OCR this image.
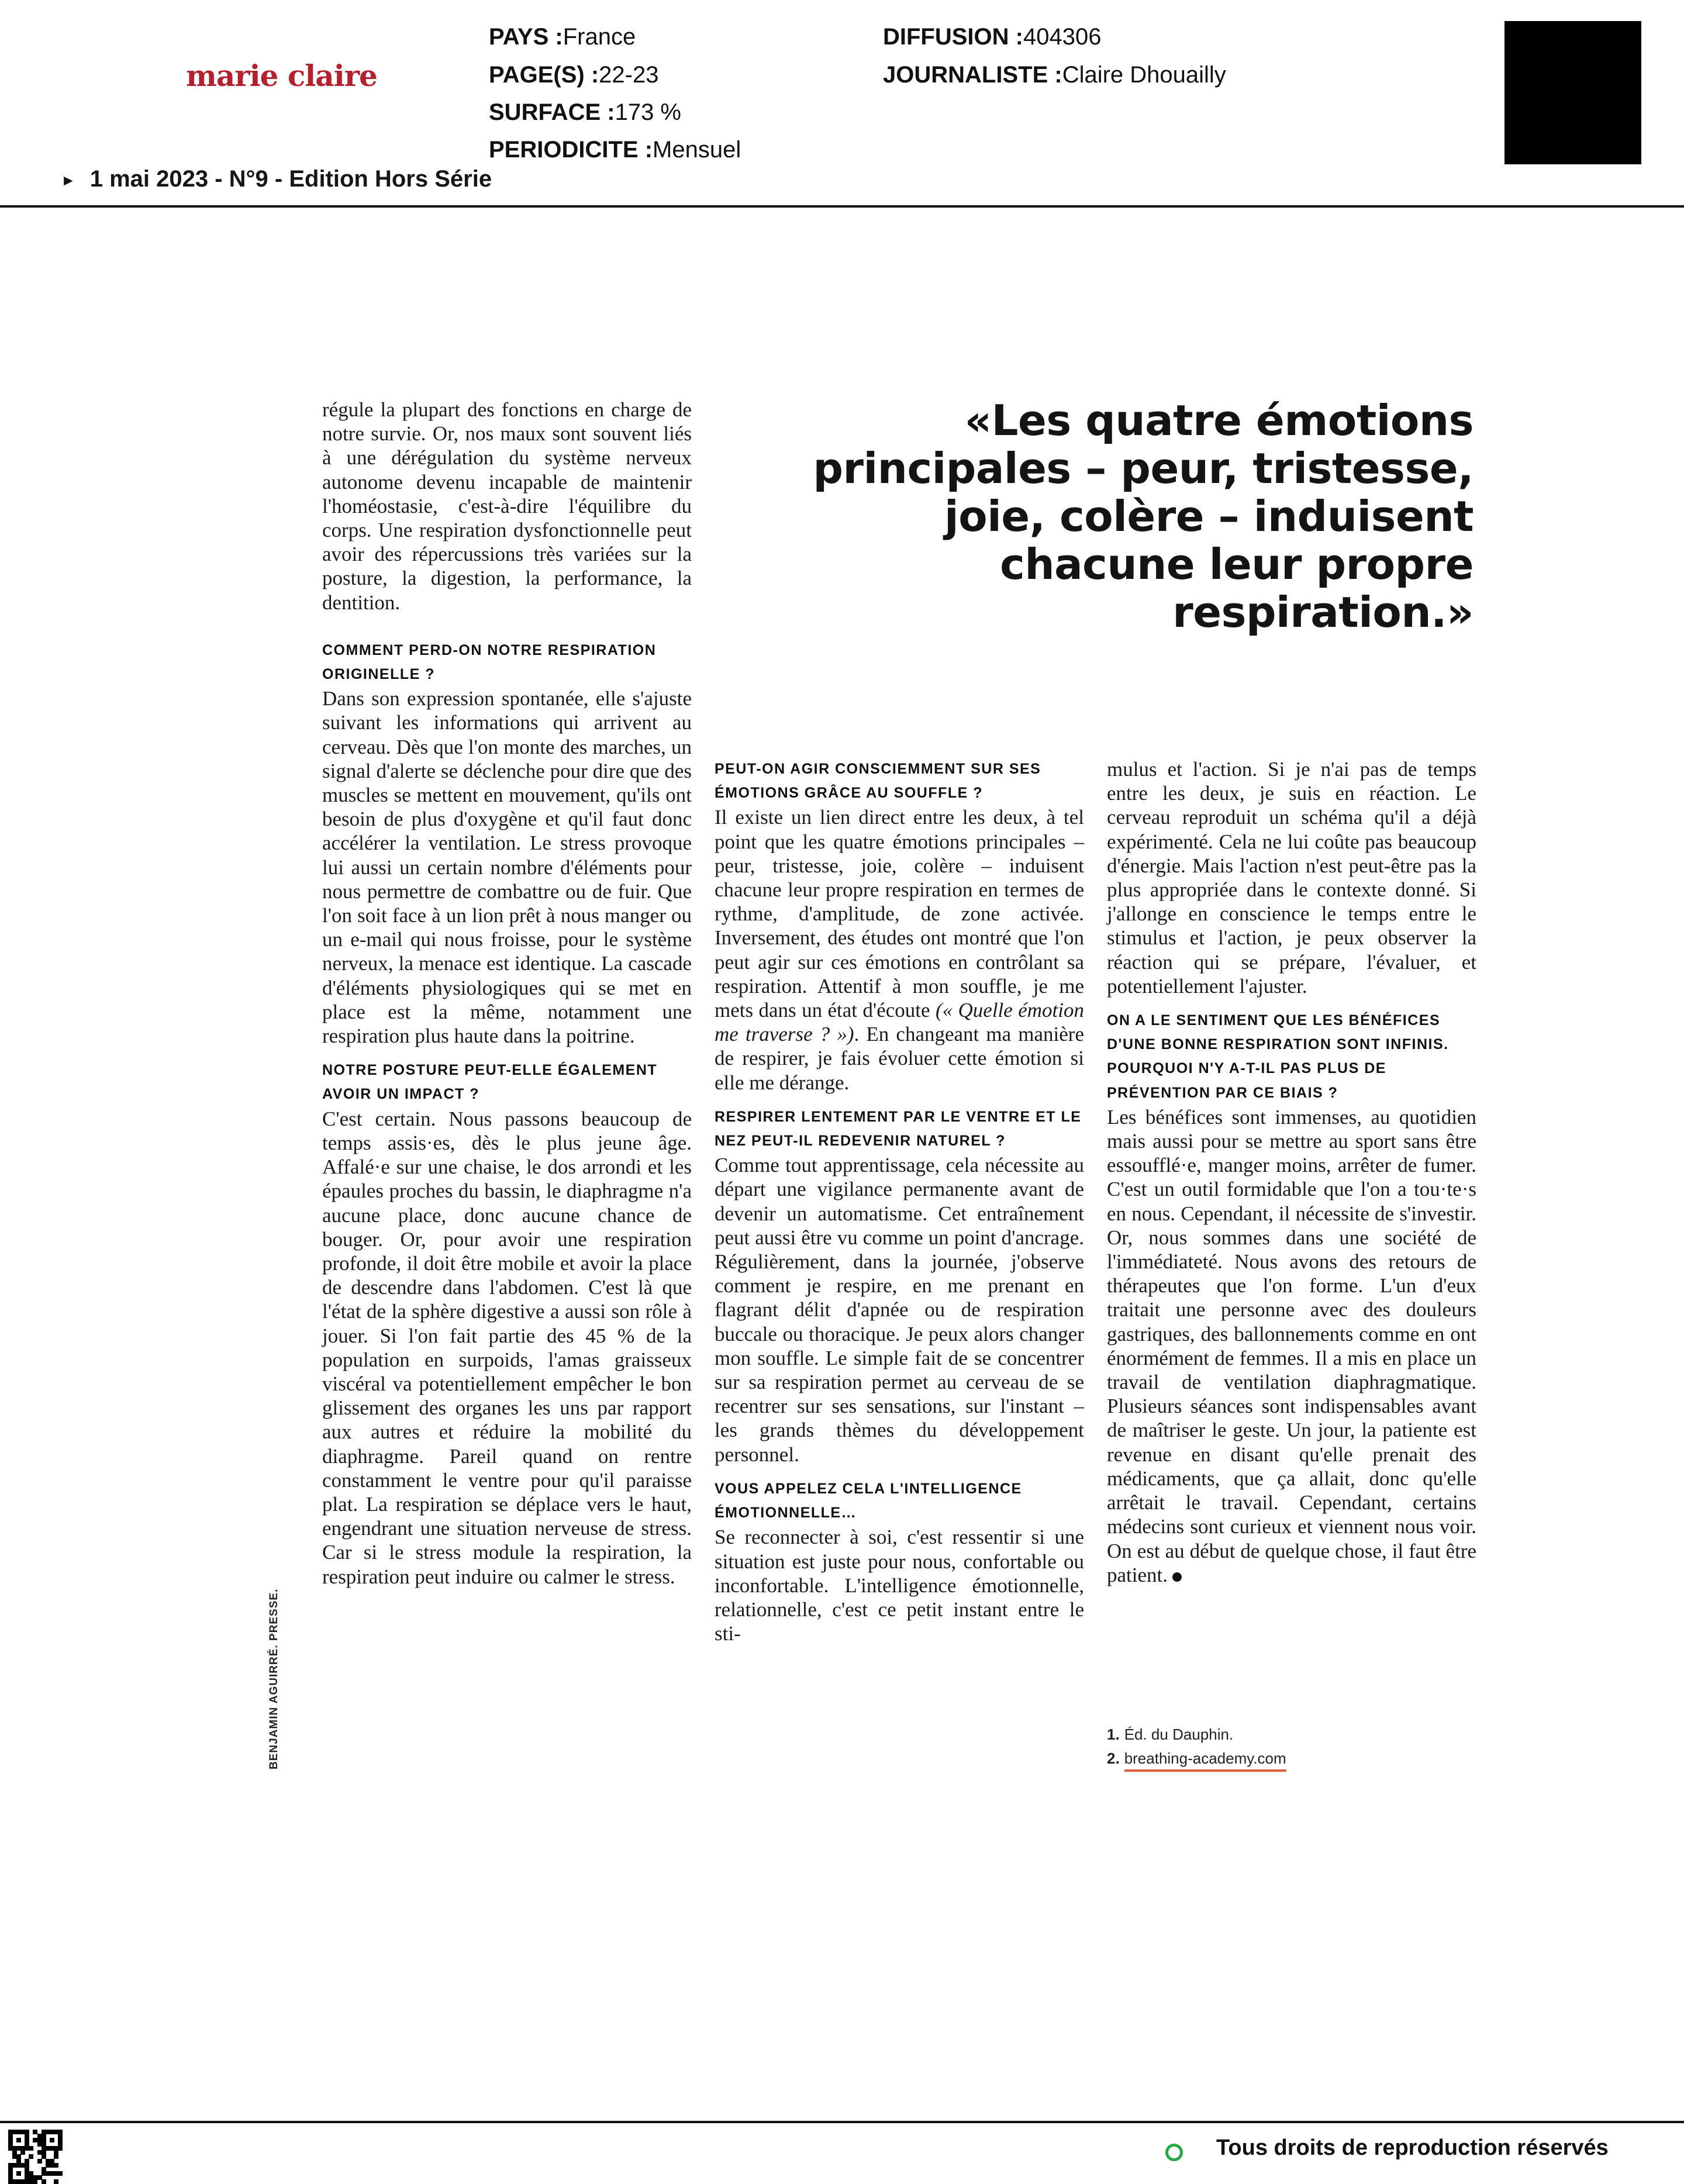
marie claire
PAYS :France
PAGE(S) :22-23
SURFACE :173 %
PERIODICITE :Mensuel
DIFFUSION :404306
JOURNALISTE :Claire Dhouailly
► 1 mai 2023 - N°9 - Edition Hors Série
«Les quatre émotions principales – peur, tristesse, joie, colère – induisent chacune leur propre respiration.»
BENJAMIN AGUIRRÉ. PRESSE.

régule la plupart des fonctions en charge de notre survie. Or, nos maux sont souvent liés à une dérégulation du système nerveux autonome devenu incapable de maintenir l'homéostasie, c'est-à-dire l'équilibre du corps. Une respiration dysfonctionnelle peut avoir des répercussions très variées sur la posture, la digestion, la performance, la dentition.

COMMENT PERD-ON NOTRE RESPIRATION ORIGINELLE ?

Dans son expression spontanée, elle s'ajuste suivant les informations qui arrivent au cerveau. Dès que l'on monte des marches, un signal d'alerte se déclenche pour dire que des muscles se mettent en mouvement, qu'ils ont besoin de plus d'oxygène et qu'il faut donc accélérer la ventilation. Le stress provoque lui aussi un certain nombre d'éléments pour nous permettre de combattre ou de fuir. Que l'on soit face à un lion prêt à nous manger ou un e-mail qui nous froisse, pour le système nerveux, la menace est identique. La cascade d'éléments physiologiques qui se met en place est la même, notamment une respiration plus haute dans la poitrine.

NOTRE POSTURE PEUT-ELLE ÉGALEMENT AVOIR UN IMPACT ?

C'est certain. Nous passons beaucoup de temps assis·es, dès le plus jeune âge. Affalé·e sur une chaise, le dos arrondi et les épaules proches du bassin, le diaphragme n'a aucune place, donc aucune chance de bouger. Or, pour avoir une respiration profonde, il doit être mobile et avoir la place de descendre dans l'abdomen. C'est là que l'état de la sphère digestive a aussi son rôle à jouer. Si l'on fait partie des 45 % de la population en surpoids, l'amas graisseux viscéral va potentiellement empêcher le bon glissement des organes les uns par rapport aux autres et réduire la mobilité du diaphragme. Pareil quand on rentre constamment le ventre pour qu'il paraisse plat. La respiration se déplace vers le haut, engendrant une situation nerveuse de stress. Car si le stress module la respiration, la respiration peut induire ou calmer le stress.

PEUT-ON AGIR CONSCIEMMENT SUR SES ÉMOTIONS GRÂCE AU SOUFFLE ?

Il existe un lien direct entre les deux, à tel point que les quatre émotions principales – peur, tristesse, joie, colère – induisent chacune leur propre respiration en termes de rythme, d'amplitude, de zone activée. Inversement, des études ont montré que l'on peut agir sur ces émotions en contrôlant sa respiration. Attentif à mon souffle, je me mets dans un état d'écoute (« Quelle émotion me traverse ? »). En changeant ma manière de respirer, je fais évoluer cette émotion si elle me dérange.

RESPIRER LENTEMENT PAR LE VENTRE ET LE NEZ PEUT-IL REDEVENIR NATUREL ?

Comme tout apprentissage, cela nécessite au départ une vigilance permanente avant de devenir un automatisme. Cet entraînement peut aussi être vu comme un point d'ancrage. Régulièrement, dans la journée, j'observe comment je respire, en me prenant en flagrant délit d'apnée ou de respiration buccale ou thoracique. Je peux alors changer mon souffle. Le simple fait de se concentrer sur sa respiration permet au cerveau de se recentrer sur ses sensations, sur l'instant – les grands thèmes du développement personnel.

VOUS APPELEZ CELA L'INTELLIGENCE ÉMOTIONNELLE…

Se reconnecter à soi, c'est ressentir si une situation est juste pour nous, confortable ou inconfortable. L'intelligence émotionnelle, relationnelle, c'est ce petit instant entre le sti-

mulus et l'action. Si je n'ai pas de temps entre les deux, je suis en réaction. Le cerveau reproduit un schéma qu'il a déjà expérimenté. Cela ne lui coûte pas beaucoup d'énergie. Mais l'action n'est peut-être pas la plus appropriée dans le contexte donné. Si j'allonge en conscience le temps entre le stimulus et l'action, je peux observer la réaction qui se prépare, l'évaluer, et potentiellement l'ajuster.

ON A LE SENTIMENT QUE LES BÉNÉFICES D'UNE BONNE RESPIRATION SONT INFINIS. POURQUOI N'Y A-T-IL PAS PLUS DE PRÉVENTION PAR CE BIAIS ?

Les bénéfices sont immenses, au quotidien mais aussi pour se mettre au sport sans être essoufflé·e, manger moins, arrêter de fumer. C'est un outil formidable que l'on a tou·te·s en nous. Cependant, il nécessite de s'investir. Or, nous sommes dans une société de l'immédiateté. Nous avons des retours de thérapeutes que l'on forme. L'un d'eux traitait une personne avec des douleurs gastriques, des ballonnements comme en ont énormément de femmes. Il a mis en place un travail de ventilation diaphragmatique. Plusieurs séances sont indispensables avant de maîtriser le geste. Un jour, la patiente est revenue en disant qu'elle prenait des médicaments, que ça allait, donc qu'elle arrêtait le travail. Cependant, certains médecins sont curieux et viennent nous voir. On est au début de quelque chose, il faut être patient.

1. Éd. du Dauphin.
2. breathing-academy.com
Tous droits de reproduction réservés
